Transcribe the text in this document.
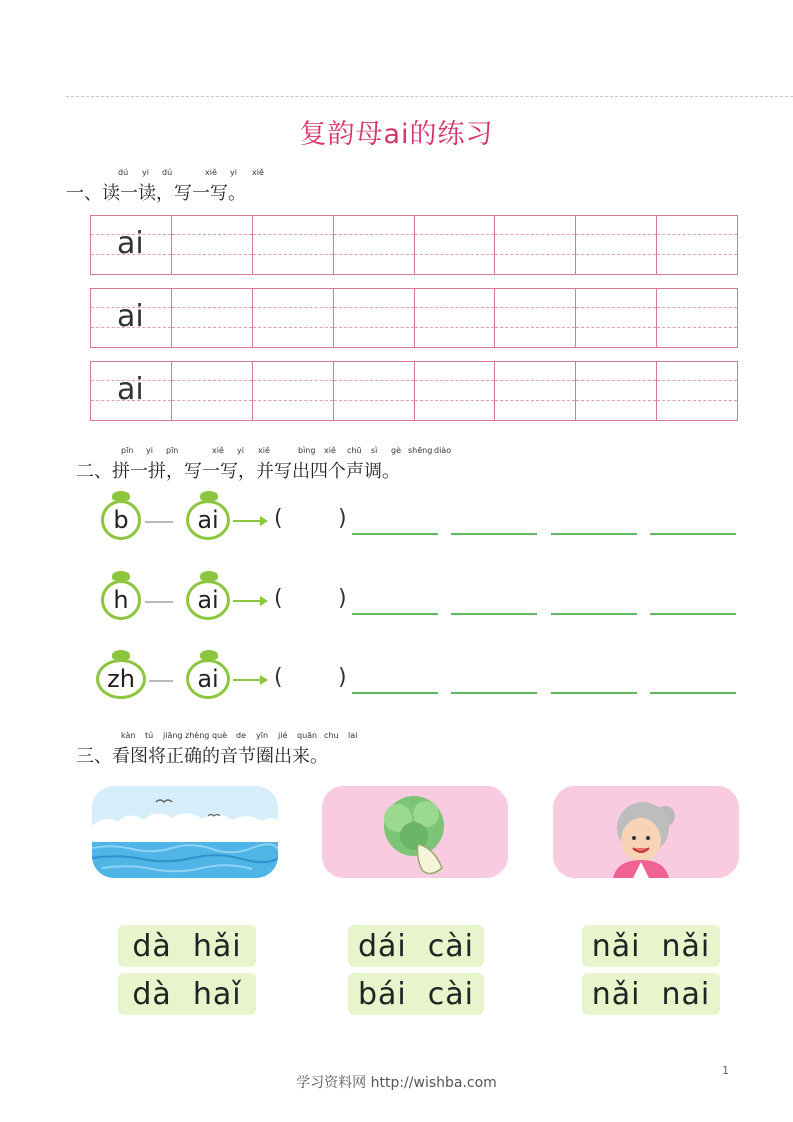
复韵母ai的练习
dú yi dú	xiě yi xiě
一、读一读，写一写。
ai
ai
ai
pīn yi pīn	xiě yi xiě	bìng xiě chū sì gè shēng diào
二、拼一拼，写一写，并写出四个声调。
b	ai	(	)
h	ai	(	)
zh	ai	(	)
kàn tú jiāng zhèng què de yīn jié quān chu lai
三、看图将正确的音节圈出来。
dà  hǎi
dà  haǐ
dái  cài
bái  cài
nǎi  nǎi
nǎi  nai
1
学习资料网 http://wishba.com
